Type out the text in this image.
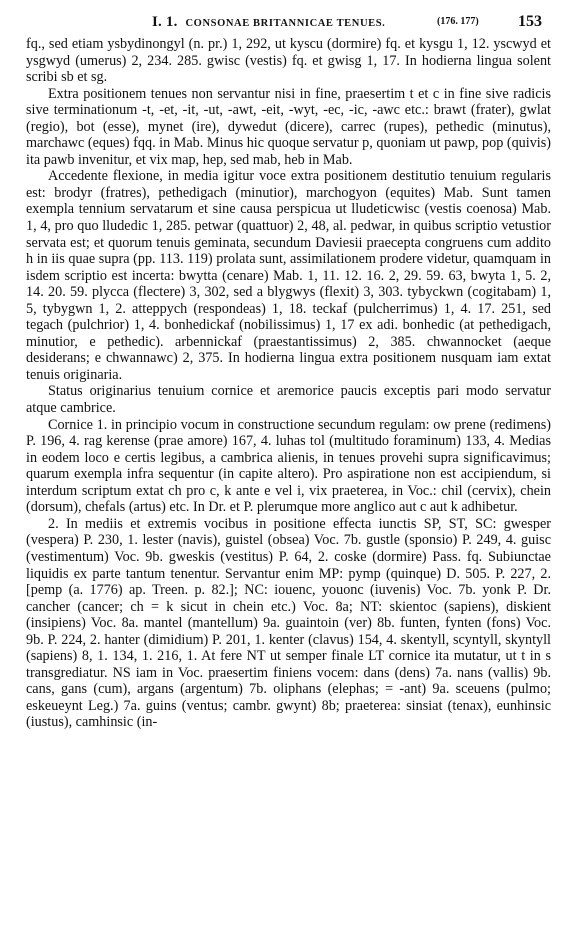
I. 1. CONSONAE BRITANNICAE TENUES.	(176. 177) 153

fq., sed etiam ysbydinongyl (n. pr.) 1, 292, ut kyscu (dormire) fq. et kysgu 1, 12. yscwyd et ysgwyd (umerus) 2, 234. 285. gwisc (vestis) fq. et gwisg 1, 17. In hodierna lingua solent scribi sb et sg.

Extra positionem tenues non servantur nisi in fine, praesertim t et c in fine sive radicis sive terminationum -t, -et, -it, -ut, -awt, -eit, -wyt, -ec, -ic, -awc etc.: brawt (frater), gwlat (regio), bot (esse), mynet (ire), dywedut (dicere), carrec (rupes), pethedic (minutus), marchawc (eques) fqq. in Mab. Minus hic quoque servatur p, quoniam ut pawp, pop (quivis) ita pawb invenitur, et vix map, hep, sed mab, heb in Mab.

Accedente flexione, in media igitur voce extra positionem destitutio tenuium regularis est: brodyr (fratres), pethedigach (minutior), marchogyon (equites) Mab. Sunt tamen exempla tennium servatarum et sine causa perspicua ut lludeticwisc (vestis coenosa) Mab. 1, 4, pro quo lludedic 1, 285. petwar (quattuor) 2, 48, al. pedwar, in quibus scriptio vetustior servata est; et quorum tenuis geminata, secundum Daviesii praecepta congruens cum addito h in iis quae supra (pp. 113. 119) prolata sunt, assimilationem prodere videtur, quamquam in isdem scriptio est incerta: bwytta (cenare) Mab. 1, 11. 12. 16. 2, 29. 59. 63, bwyta 1, 5. 2, 14. 20. 59. plycca (flectere) 3, 302, sed a blygwys (flexit) 3, 303. tybyckwn (cogitabam) 1, 5, tybygwn 1, 2. atteppych (respondeas) 1, 18. teckaf (pulcherrimus) 1, 4. 17. 251, sed tegach (pulchrior) 1, 4. bonhedickaf (nobilissimus) 1, 17 ex adi. bonhedic (at pethedigach, minutior, e pethedic). arbennickaf (praestantissimus) 2, 385. chwannocket (aeque desiderans; e chwannawc) 2, 375. In hodierna lingua extra positionem nusquam iam extat tenuis originaria.

Status originarius tenuium cornice et aremorice paucis exceptis pari modo servatur atque cambrice.

Cornice 1. in principio vocum in constructione secundum regulam: ow prene (redimens) P. 196, 4. rag kerense (prae amore) 167, 4. luhas tol (multitudo foraminum) 133, 4. Medias in eodem loco e certis legibus, a cambrica alienis, in tenues provehi supra significavimus; quarum exempla infra sequentur (in capite altero). Pro aspiratione non est accipiendum, si interdum scriptum extat ch pro c, k ante e vel i, vix praeterea, in Voc.: chil (cervix), chein (dorsum), chefals (artus) etc. In Dr. et P. plerumque more anglico aut c aut k adhibetur.

2. In mediis et extremis vocibus in positione effecta iunctis SP, ST, SC: gwesper (vespera) P. 230, 1. lester (navis), guistel (obsea) Voc. 7b. gustle (sponsio) P. 249, 4. guisc (vestimentum) Voc. 9b. gweskis (vestitus) P. 64, 2. coske (dormire) Pass. fq. Subiunctae liquidis ex parte tantum tenentur. Servantur enim MP: pymp (quinque) D. 505. P. 227, 2. [pemp (a. 1776) ap. Treen. p. 82.]; NC: iouenc, youonc (iuvenis) Voc. 7b. yonk P. Dr. cancher (cancer; ch = k sicut in chein etc.) Voc. 8a; NT: skientoc (sapiens), diskient (insipiens) Voc. 8a. mantel (mantellum) 9a. guaintoin (ver) 8b. funten, fynten (fons) Voc. 9b. P. 224, 2. hanter (dimidium) P. 201, 1. kenter (clavus) 154, 4. skentyll, scyntyll, skyntyll (sapiens) 8, 1. 134, 1. 216, 1. At fere NT ut semper finale LT cornice ita mutatur, ut t in s transgrediatur. NS iam in Voc. praesertim finiens vocem: dans (dens) 7a. nans (vallis) 9b. cans, gans (cum), argans (argentum) 7b. oliphans (elephas; = -ant) 9a. sceuens (pulmo; eskeueynt Leg.) 7a. guins (ventus; cambr. gwynt) 8b; praeterea: sinsiat (tenax), eunhinsic (iustus), camhinsic (in-
